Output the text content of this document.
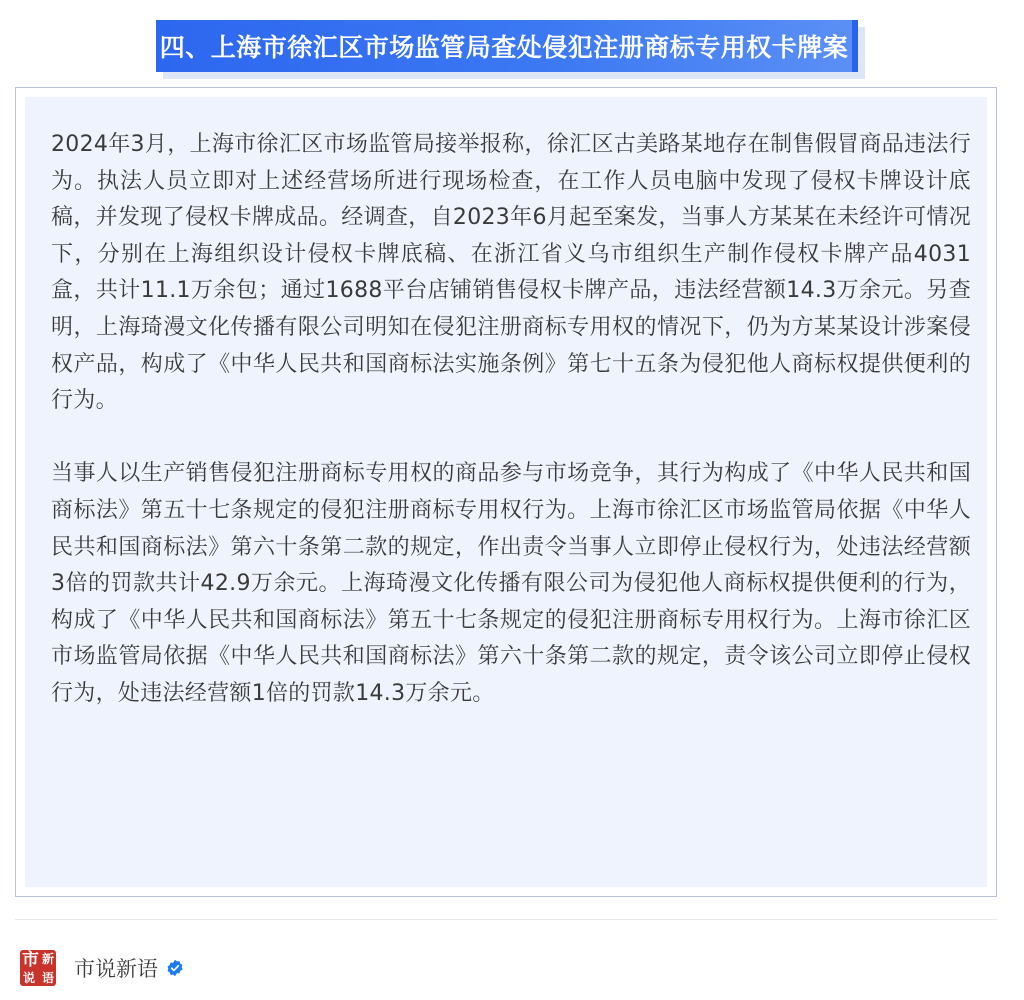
四、上海市徐汇区市场监管局查处侵犯注册商标专用权卡牌案

2024年3月，上海市徐汇区市场监管局接举报称，徐汇区古美路某地存在制售假冒商品违法行为。执法人员立即对上述经营场所进行现场检查，在工作人员电脑中发现了侵权卡牌设计底稿，并发现了侵权卡牌成品。经调查，自2023年6月起至案发，当事人方某某在未经许可情况下，分别在上海组织设计侵权卡牌底稿、在浙江省义乌市组织生产制作侵权卡牌产品4031盒，共计11.1万余包；通过1688平台店铺销售侵权卡牌产品，违法经营额14.3万余元。另查明，上海琦漫文化传播有限公司明知在侵犯注册商标专用权的情况下，仍为方某某设计涉案侵权产品，构成了《中华人民共和国商标法实施条例》第七十五条为侵犯他人商标权提供便利的行为。

当事人以生产销售侵犯注册商标专用权的商品参与市场竞争，其行为构成了《中华人民共和国商标法》第五十七条规定的侵犯注册商标专用权行为。上海市徐汇区市场监管局依据《中华人民共和国商标法》第六十条第二款的规定，作出责令当事人立即停止侵权行为，处违法经营额3倍的罚款共计42.9万余元。上海琦漫文化传播有限公司为侵犯他人商标权提供便利的行为，构成了《中华人民共和国商标法》第五十七条规定的侵犯注册商标专用权行为。上海市徐汇区市场监管局依据《中华人民共和国商标法》第六十条第二款的规定，责令该公司立即停止侵权行为，处违法经营额1倍的罚款14.3万余元。

市 新
说 语 市说新语
